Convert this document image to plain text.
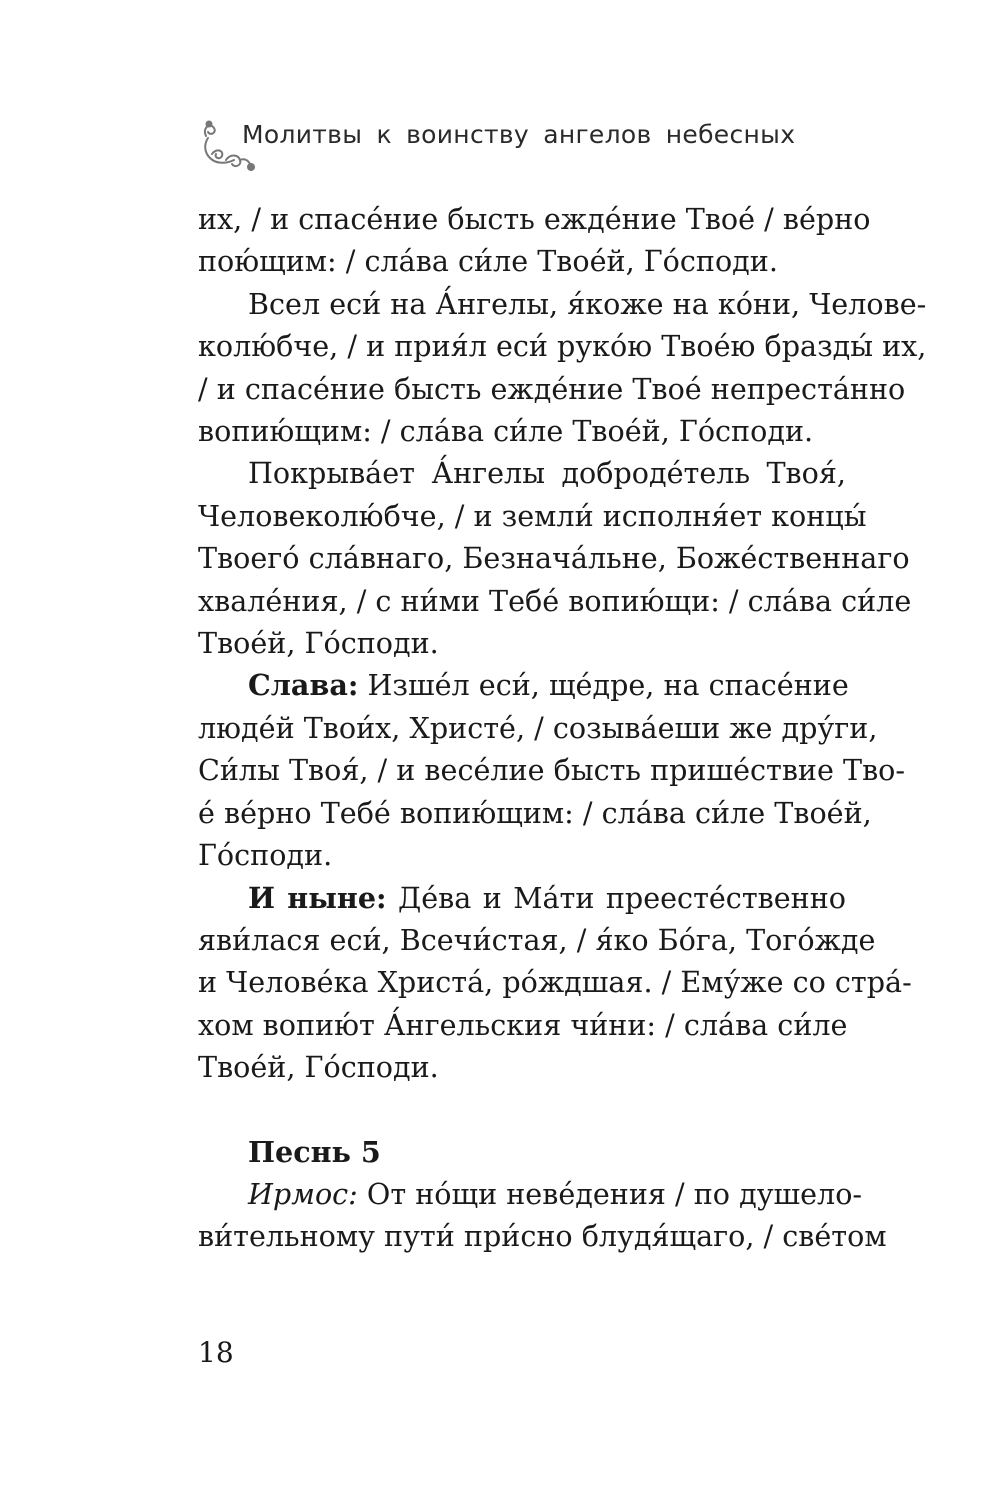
Молитвы к воинству ангелов небесных

их, / и спасе́ние бысть ежде́ние Твое́ / ве́рно
пою́щим: / сла́ва си́ле Твое́й, Го́споди.

Всел еси́ на А́нгелы, я́коже на ко́ни, Челове-
колю́бче, / и прия́л еси́ руко́ю Твое́ю бразды́ их,
/ и спасе́ние бысть ежде́ние Твое́ непреста́нно
вопию́щим: / сла́ва си́ле Твое́й, Го́споди.

Покрыва́ет А́нгелы доброде́тель Твоя́,
Человеколю́бче, / и земли́ исполня́ет концы́
Твоего́ сла́внаго, Безнача́льне, Боже́ственнаго
хвале́ния, / с ни́ми Тебе́ вопию́щи: / сла́ва си́ле
Твое́й, Го́споди.

Слава: Изше́л еси́, ще́дре, на спасе́ние
люде́й Твои́х, Христе́, / созыва́еши же дру́ги,
Си́лы Твоя́, / и весе́лие бысть прише́ствие Тво-
е́ ве́рно Тебе́ вопию́щим: / сла́ва си́ле Твое́й,
Го́споди.

И ныне: Де́ва и Ма́ти преесте́ственно
яви́лася еси́, Всечи́стая, / я́ко Бо́га, Того́жде
и Челове́ка Христа́, ро́ждшая. / Ему́же со стра́-
хом вопию́т А́нгельския чи́ни: / сла́ва си́ле
Твое́й, Го́споди.

Песнь 5

Ирмос: От но́щи неве́дения / по душело-
ви́тельному пути́ при́сно блудя́щаго, / све́том

18
